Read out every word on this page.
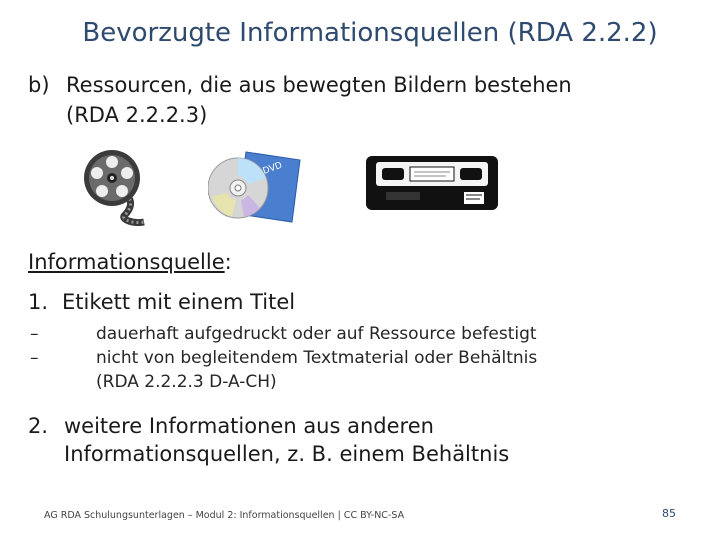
Bevorzugte Informationsquellen (RDA 2.2.2)
b) Ressourcen, die aus bewegten Bildern bestehen
(RDA 2.2.2.3)
DVD
Informationsquelle:
1. Etikett mit einem Titel
–	dauerhaft aufgedruckt oder auf Ressource befestigt
–	nicht von begleitendem Textmaterial oder Behältnis
(RDA 2.2.2.3 D-A-CH)
2. weitere Informationen aus anderen
Informationsquellen, z. B. einem Behältnis
AG RDA Schulungsunterlagen – Modul 2: Informationsquellen | CC BY-NC-SA	85
